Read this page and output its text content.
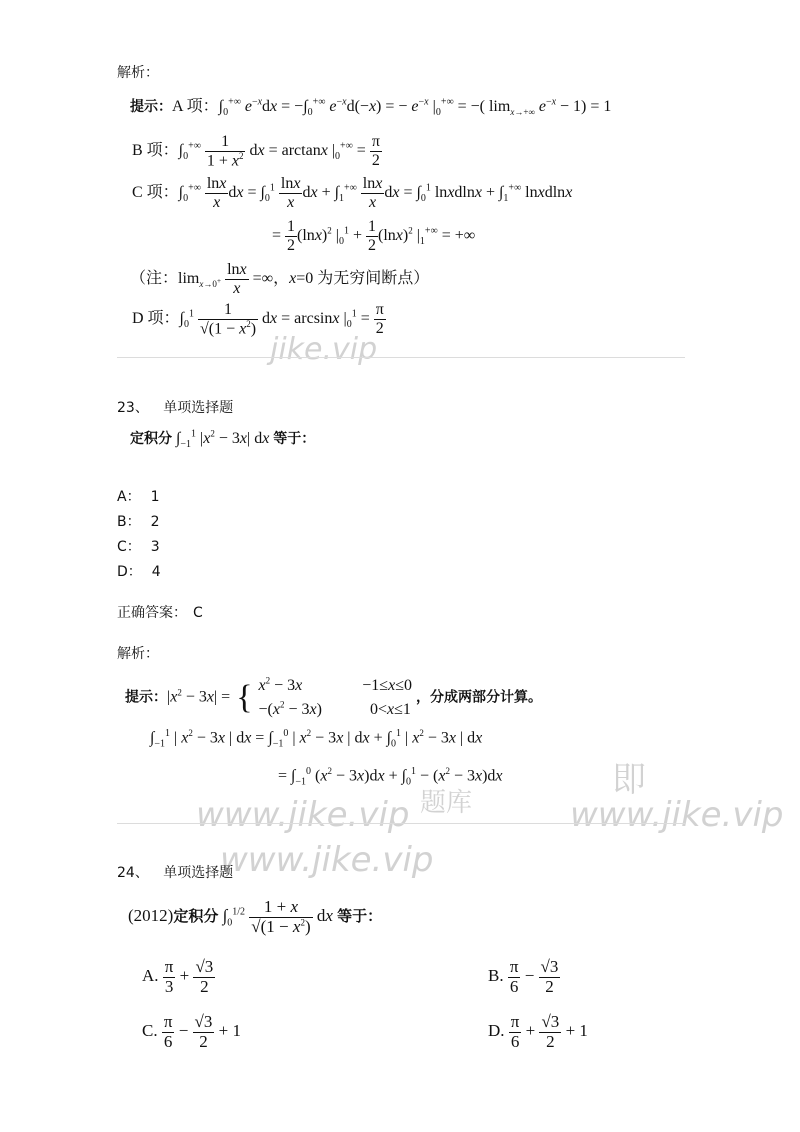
解析：
提示：A 项：$\int_0^{+\infty}$ $e^{-x}dx = -\int_0^{+\infty}$ $e^{-x}d(-x)$ = − $e^{-x}$ $|_0^{+\infty}$ = −( $\lim_{x\to+\infty} e^{-x} - 1) = 1$
B 项：$\int_0^{+\infty} \frac{1}{1 + x^2}$ dx = arctanx $|_0^{+\infty} = \frac{\pi}{2}$
C 项：$\int_0^{+\infty} \frac{\ln x}{x}$ dx = $\int_0^1 \frac{\ln x}{x}$ dx + $\int_1^{+\infty} \frac{\ln x}{x}$ dx = $\int_0^1$ lnxdlnx + $\int_1^{+\infty}$ lnxdlnx
= $\frac{1}{2} (\ln x)^2$ $|_0^1 + \frac{1}{2} (\ln x)^2$ $|_1^{+\infty}$ = +∞
（注：$\lim_{x\to 0^+} \frac{\ln x}{x}$ =∞，x=0 为无穷间断点）
D 项：$\int_0^1 \frac{1}{√(1 - x^2)}$ dx = arcsinx $|_0^1 = \frac{\pi}{2}$
jike.vip
23、 单项选择题
定积分 $\int_{-1}^1$ $|x^2 - 3x|$ dx 等于：
A： 1
B： 2
C： 3
D： 4
正确答案： C
解析：
提示：$|x^2 - 3x|$ = { $x^2 - 3x$	−1≤x≤0
$-(x^2 - 3x)$	0<x≤1
，分成两部分计算。
$\int_{-1}^1$ | $x^2 - 3x$ | dx = $\int_{-1}^0$ | $x^2 - 3x$ | dx + $\int_0^1$ | $x^2 - 3x$ | dx
= $\int_{-1}^0$ $(x^2 - 3x)dx + \int_0^1 - (x^2 - 3x)dx$
www.jike.vip	www.jike.vip
即
题库
www.jike.vip
24、 单项选择题
(2012)定积分 $\int_0^{1/2} \frac{1 + x}{√(1 - x^2)}$ dx 等于：
A. $\frac{\pi}{3} + \frac{√3}{2}$	B. $\frac{\pi}{6} - \frac{√3}{2}$
C. $\frac{\pi}{6} - \frac{√3}{2} + 1$	D. $\frac{\pi}{6} + \frac{√3}{2} + 1$
